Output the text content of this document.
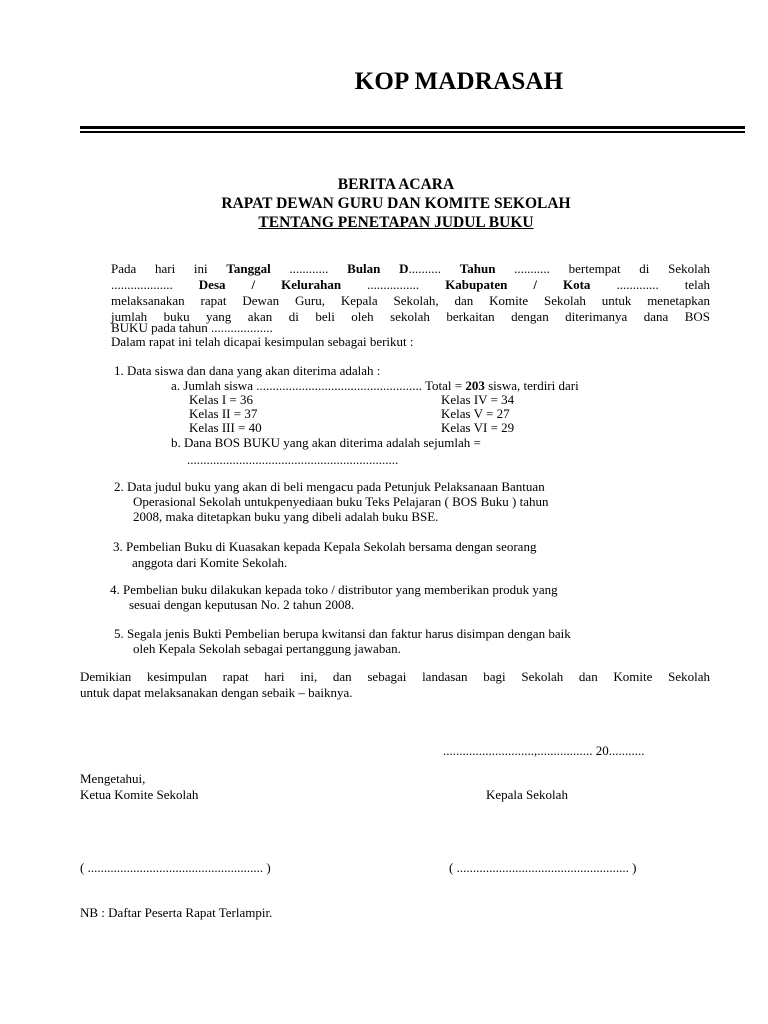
KOP MADRASAH
BERITA ACARA
RAPAT DEWAN GURU DAN KOMITE SEKOLAH
TENTANG PENETAPAN JUDUL BUKU
Pada hari ini Tanggal ............ Bulan D.......... Tahun ........... bertempat di Sekolah
................... Desa / Kelurahan ................ Kabupaten / Kota ............. telah
melaksanakan rapat Dewan Guru, Kepala Sekolah, dan Komite Sekolah untuk menetapkan
jumlah buku yang akan di beli oleh sekolah berkaitan dengan diterimanya dana BOS
BUKU pada tahun ...................
Dalam rapat ini telah dicapai kesimpulan sebagai berikut :
1. Data siswa dan dana yang akan diterima adalah :
a. Jumlah siswa ................................................... Total = 203 siswa, terdiri dari
Kelas I = 36	Kelas IV = 34
Kelas II = 37	Kelas V = 27
Kelas III = 40	Kelas VI = 29
b. Dana BOS BUKU yang akan diterima adalah sejumlah =
.................................................................
2. Data judul buku yang akan di beli mengacu pada Petunjuk Pelaksanaan Bantuan
Operasional Sekolah untukpenyediaan buku Teks Pelajaran ( BOS Buku ) tahun
2008, maka ditetapkan buku yang dibeli adalah buku BSE.
3. Pembelian Buku di Kuasakan kepada Kepala Sekolah bersama dengan seorang
anggota dari Komite Sekolah.
4. Pembelian buku dilakukan kepada toko / distributor yang memberikan produk yang
sesuai dengan keputusan No. 2 tahun 2008.
5. Segala jenis Bukti Pembelian berupa kwitansi dan faktur harus disimpan dengan baik
oleh Kepala Sekolah sebagai pertanggung jawaban.
Demikian kesimpulan rapat hari ini, dan sebagai landasan bagi Sekolah dan Komite Sekolah
untuk dapat melaksanakan dengan sebaik – baiknya.
............................,................. 20...........
Mengetahui,
Ketua Komite Sekolah	Kepala Sekolah
( ...................................................... )	( ..................................................... )
NB : Daftar Peserta Rapat Terlampir.
